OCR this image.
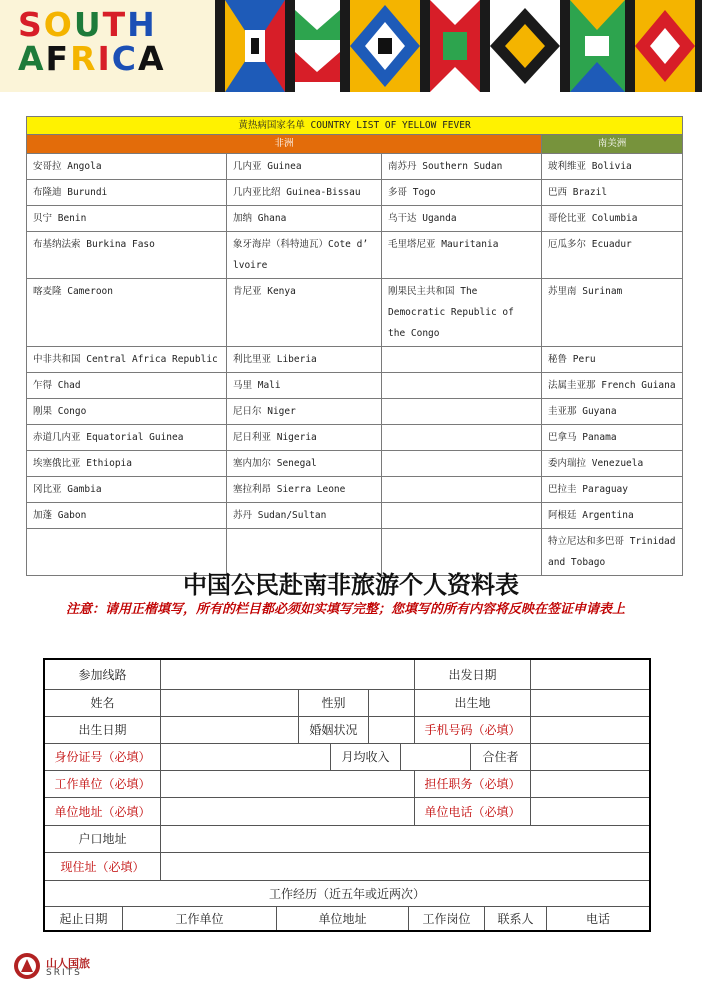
SOUTH
AFRICA
黄热病国家名单 COUNTRY LIST OF YELLOW FEVER			
非洲			南美洲
安哥拉 Angola	几内亚 Guinea	南苏丹 Southern Sudan	玻利维亚 Bolivia
布隆迪 Burundi	几内亚比绍 Guinea-Bissau	多哥 Togo	巴西 Brazil
贝宁 Benin	加纳 Ghana	乌干达 Uganda	哥伦比亚 Columbia
布基纳法索 Burkina Faso	象牙海岸（科特迪瓦）Cote d’ lvoire	毛里塔尼亚 Mauritania	厄瓜多尔 Ecuadur
喀麦隆 Cameroon	肯尼亚 Kenya	刚果民主共和国 The Democratic Republic of the Congo	苏里南 Surinam
中非共和国 Central Africa Republic	利比里亚 Liberia		秘鲁 Peru
乍得 Chad	马里 Mali		法属圭亚那 French Guiana
刚果 Congo	尼日尔 Niger		圭亚那 Guyana
赤道几内亚 Equatorial Guinea	尼日利亚 Nigeria		巴拿马 Panama
埃塞俄比亚 Ethiopia	塞内加尔 Senegal		委内瑞拉 Venezuela
冈比亚 Gambia	塞拉利昂 Sierra Leone		巴拉圭 Paraguay
加蓬 Gabon	苏丹 Sudan/Sultan		阿根廷 Argentina
			特立尼达和多巴哥 Trinidad and Tobago
中国公民赴南非旅游个人资料表
注意：请用正楷填写，所有的栏目都必须如实填写完整；您填写的所有内容将反映在签证申请表上
参加线路	出发日期
姓名	性别	出生地
出生日期	婚姻状况	手机号码（必填）
身份证号（必填）	月均收入	合住者
工作单位（必填）	担任职务（必填）
单位地址（必填）	单位电话（必填）
户口地址
现住址（必填）
工作经历（近五年或近两次）
起止日期	工作单位	单位地址	工作岗位	联系人	电话
山人国旅
SRITS
